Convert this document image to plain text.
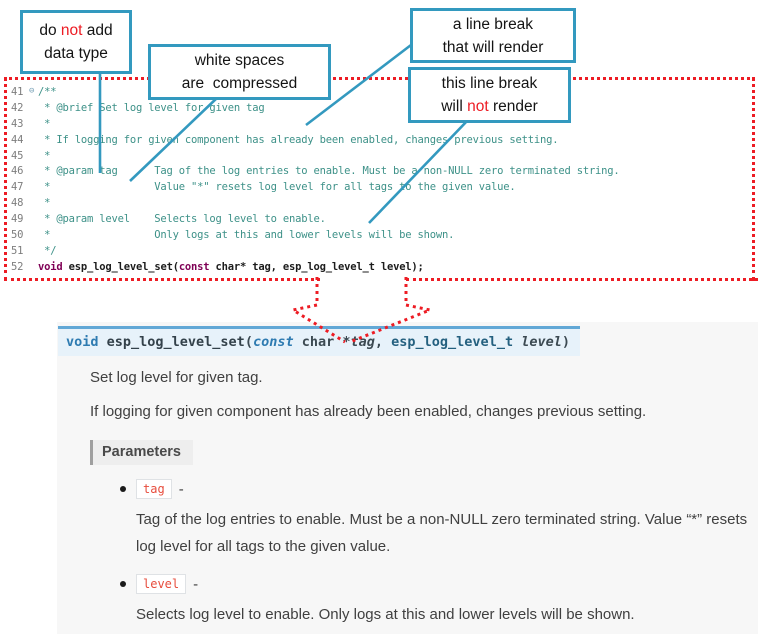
do not add
data type	white spaces
are  compressed
a line break
that will render
this line break
will not render
41 ⊖ /**
42	* @brief Set log level for given tag
43	*
44	* If logging for given component has already been enabled, changes previous setting.
45	*
46	* @param tag      Tag of the log entries to enable. Must be a non-NULL zero terminated string.
47	*                 Value "*" resets log level for all tags to the given value.
48	*
49	* @param level    Selects log level to enable.
50	*                 Only logs at this and lower levels will be shown.
51	*/
52	void esp_log_level_set(const char* tag, esp_log_level_t level);
void esp_log_level_set(const char *tag, esp_log_level_t level)
Set log level for given tag.
If logging for given component has already been enabled, changes previous setting.
Parameters
tag -
Tag of the log entries to enable. Must be a non-NULL zero terminated string. Value “*” resets log level for all tags to the given value.
level -
Selects log level to enable. Only logs at this and lower levels will be shown.
